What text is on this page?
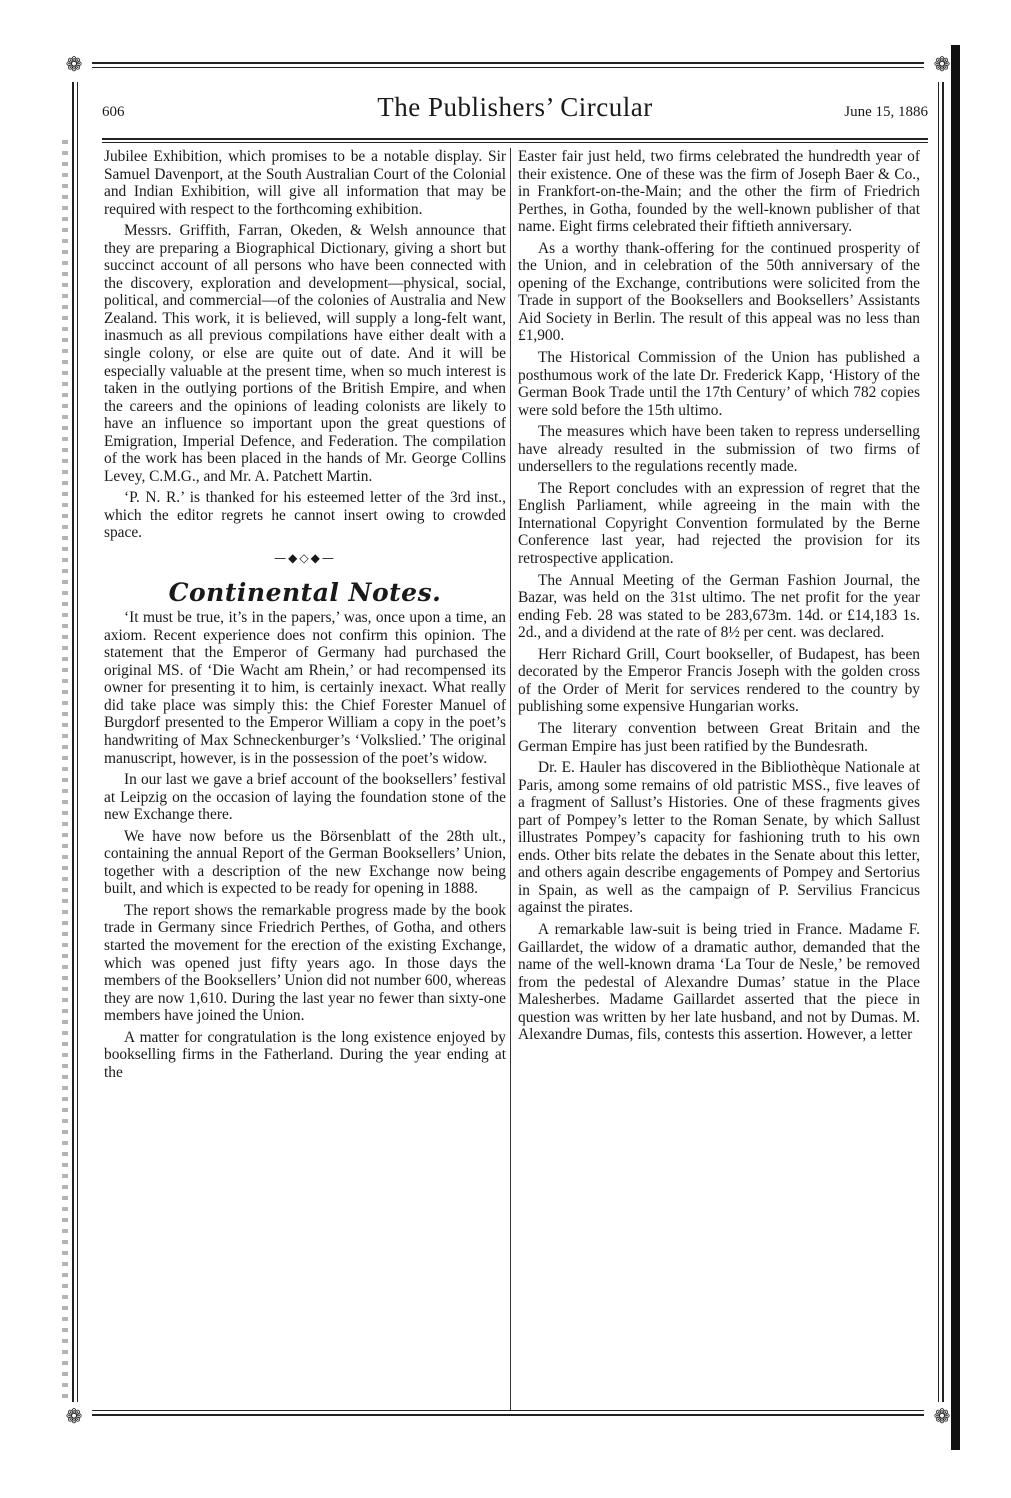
❁	❁
❁	❁
606	The Publishers’ Circular	June 15, 1886

Jubilee Exhibition, which promises to be a notable display. Sir Samuel Davenport, at the South Australian Court of the Colonial and Indian Exhibition, will give all information that may be required with respect to the forthcoming exhibition.

Messrs. Griffith, Farran, Okeden, & Welsh announce that they are preparing a Biographical Dictionary, giving a short but succinct account of all persons who have been connected with the discovery, exploration and development—physical, social, political, and commercial—of the colonies of Australia and New Zealand. This work, it is believed, will supply a long-felt want, inasmuch as all previous compilations have either dealt with a single colony, or else are quite out of date. And it will be especially valuable at the present time, when so much interest is taken in the outlying portions of the British Empire, and when the careers and the opinions of leading colonists are likely to have an influence so important upon the great questions of Emigration, Imperial Defence, and Federation. The compilation of the work has been placed in the hands of Mr. George Collins Levey, C.M.G., and Mr. A. Patchett Martin.

‘P. N. R.’ is thanked for his esteemed letter of the 3rd inst., which the editor regrets he cannot insert owing to crowded space.

—◆◇◆—
Continental Notes.

‘It must be true, it’s in the papers,’ was, once upon a time, an axiom. Recent experience does not confirm this opinion. The statement that the Emperor of Germany had purchased the original MS. of ‘Die Wacht am Rhein,’ or had recompensed its owner for presenting it to him, is certainly inexact. What really did take place was simply this: the Chief Forester Manuel of Burgdorf presented to the Emperor William a copy in the poet’s handwriting of Max Schneckenburger’s ‘Volkslied.’ The original manuscript, however, is in the possession of the poet’s widow.

In our last we gave a brief account of the booksellers’ festival at Leipzig on the occasion of laying the foundation stone of the new Exchange there.

We have now before us the Börsenblatt of the 28th ult., containing the annual Report of the German Booksellers’ Union, together with a description of the new Exchange now being built, and which is expected to be ready for opening in 1888.

The report shows the remarkable progress made by the book trade in Germany since Friedrich Perthes, of Gotha, and others started the movement for the erection of the existing Exchange, which was opened just fifty years ago. In those days the members of the Booksellers’ Union did not number 600, whereas they are now 1,610. During the last year no fewer than sixty-one members have joined the Union.

A matter for congratulation is the long existence enjoyed by bookselling firms in the Fatherland. During the year ending at the

Easter fair just held, two firms celebrated the hundredth year of their existence. One of these was the firm of Joseph Baer & Co., in Frankfort-on-the-Main; and the other the firm of Friedrich Perthes, in Gotha, founded by the well-known publisher of that name. Eight firms celebrated their fiftieth anniversary.

As a worthy thank-offering for the continued prosperity of the Union, and in celebration of the 50th anniversary of the opening of the Exchange, contributions were solicited from the Trade in support of the Booksellers and Booksellers’ Assistants Aid Society in Berlin. The result of this appeal was no less than £1,900.

The Historical Commission of the Union has published a posthumous work of the late Dr. Frederick Kapp, ‘History of the German Book Trade until the 17th Century’ of which 782 copies were sold before the 15th ultimo.

The measures which have been taken to repress underselling have already resulted in the submission of two firms of undersellers to the regulations recently made.

The Report concludes with an expression of regret that the English Parliament, while agreeing in the main with the International Copyright Convention formulated by the Berne Conference last year, had rejected the provision for its retrospective application.

The Annual Meeting of the German Fashion Journal, the Bazar, was held on the 31st ultimo. The net profit for the year ending Feb. 28 was stated to be 283,673m. 14d. or £14,183 1s. 2d., and a dividend at the rate of 8½ per cent. was declared.

Herr Richard Grill, Court bookseller, of Budapest, has been decorated by the Emperor Francis Joseph with the golden cross of the Order of Merit for services rendered to the country by publishing some expensive Hungarian works.

The literary convention between Great Britain and the German Empire has just been ratified by the Bundesrath.

Dr. E. Hauler has discovered in the Bibliothèque Nationale at Paris, among some remains of old patristic MSS., five leaves of a fragment of Sallust’s Histories. One of these fragments gives part of Pompey’s letter to the Roman Senate, by which Sallust illustrates Pompey’s capacity for fashioning truth to his own ends. Other bits relate the debates in the Senate about this letter, and others again describe engagements of Pompey and Sertorius in Spain, as well as the campaign of P. Servilius Francicus against the pirates.

A remarkable law-suit is being tried in France. Madame F. Gaillardet, the widow of a dramatic author, demanded that the name of the well-known drama ‘La Tour de Nesle,’ be removed from the pedestal of Alexandre Dumas’ statue in the Place Malesherbes. Madame Gaillardet asserted that the piece in question was written by her late husband, and not by Dumas. M. Alexandre Dumas, fils, contests this assertion. However, a letter
